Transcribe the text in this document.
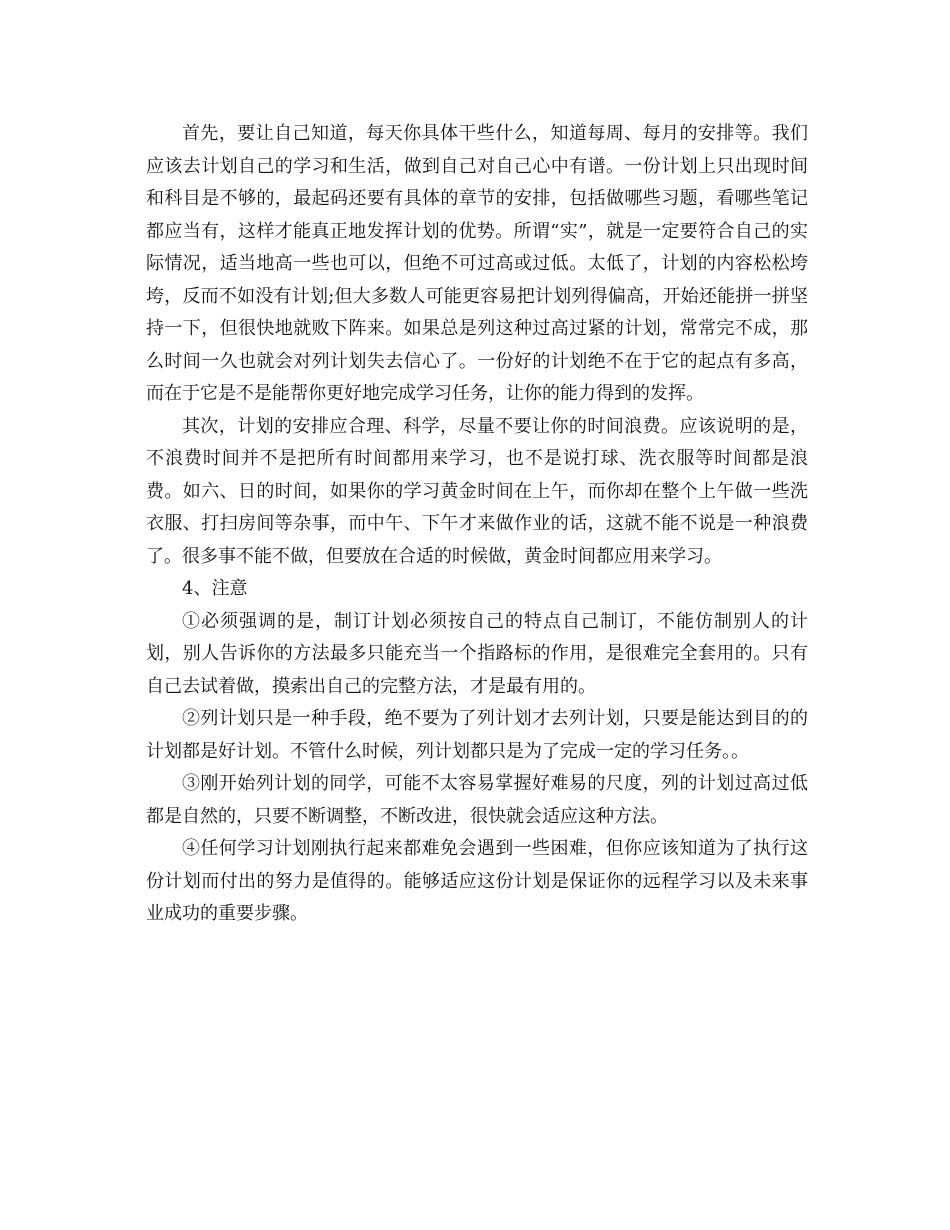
首先，要让自己知道，每天你具体干些什么，知道每周、每月的安排等。我们应该去计划自己的学习和生活，做到自己对自己心中有谱。一份计划上只出现时间和科目是不够的，最起码还要有具体的章节的安排，包括做哪些习题，看哪些笔记都应当有，这样才能真正地发挥计划的优势。所谓“实”，就是一定要符合自己的实际情况，适当地高一些也可以，但绝不可过高或过低。太低了，计划的内容松松垮垮，反而不如没有计划;但大多数人可能更容易把计划列得偏高，开始还能拼一拼坚持一下，但很快地就败下阵来。如果总是列这种过高过紧的计划，常常完不成，那么时间一久也就会对列计划失去信心了。一份好的计划绝不在于它的起点有多高，而在于它是不是能帮你更好地完成学习任务，让你的能力得到的发挥。

其次，计划的安排应合理、科学，尽量不要让你的时间浪费。应该说明的是，不浪费时间并不是把所有时间都用来学习，也不是说打球、洗衣服等时间都是浪费。如六、日的时间，如果你的学习黄金时间在上午，而你却在整个上午做一些洗衣服、打扫房间等杂事，而中午、下午才来做作业的话，这就不能不说是一种浪费了。很多事不能不做，但要放在合适的时候做，黄金时间都应用来学习。

4、注意

①必须强调的是，制订计划必须按自己的特点自己制订，不能仿制别人的计划，别人告诉你的方法最多只能充当一个指路标的作用，是很难完全套用的。只有自己去试着做，摸索出自己的完整方法，才是最有用的。

②列计划只是一种手段，绝不要为了列计划才去列计划，只要是能达到目的的计划都是好计划。不管什么时候，列计划都只是为了完成一定的学习任务。。

③刚开始列计划的同学，可能不太容易掌握好难易的尺度，列的计划过高过低都是自然的，只要不断调整，不断改进，很快就会适应这种方法。

④任何学习计划刚执行起来都难免会遇到一些困难，但你应该知道为了执行这份计划而付出的努力是值得的。能够适应这份计划是保证你的远程学习以及未来事业成功的重要步骤。
